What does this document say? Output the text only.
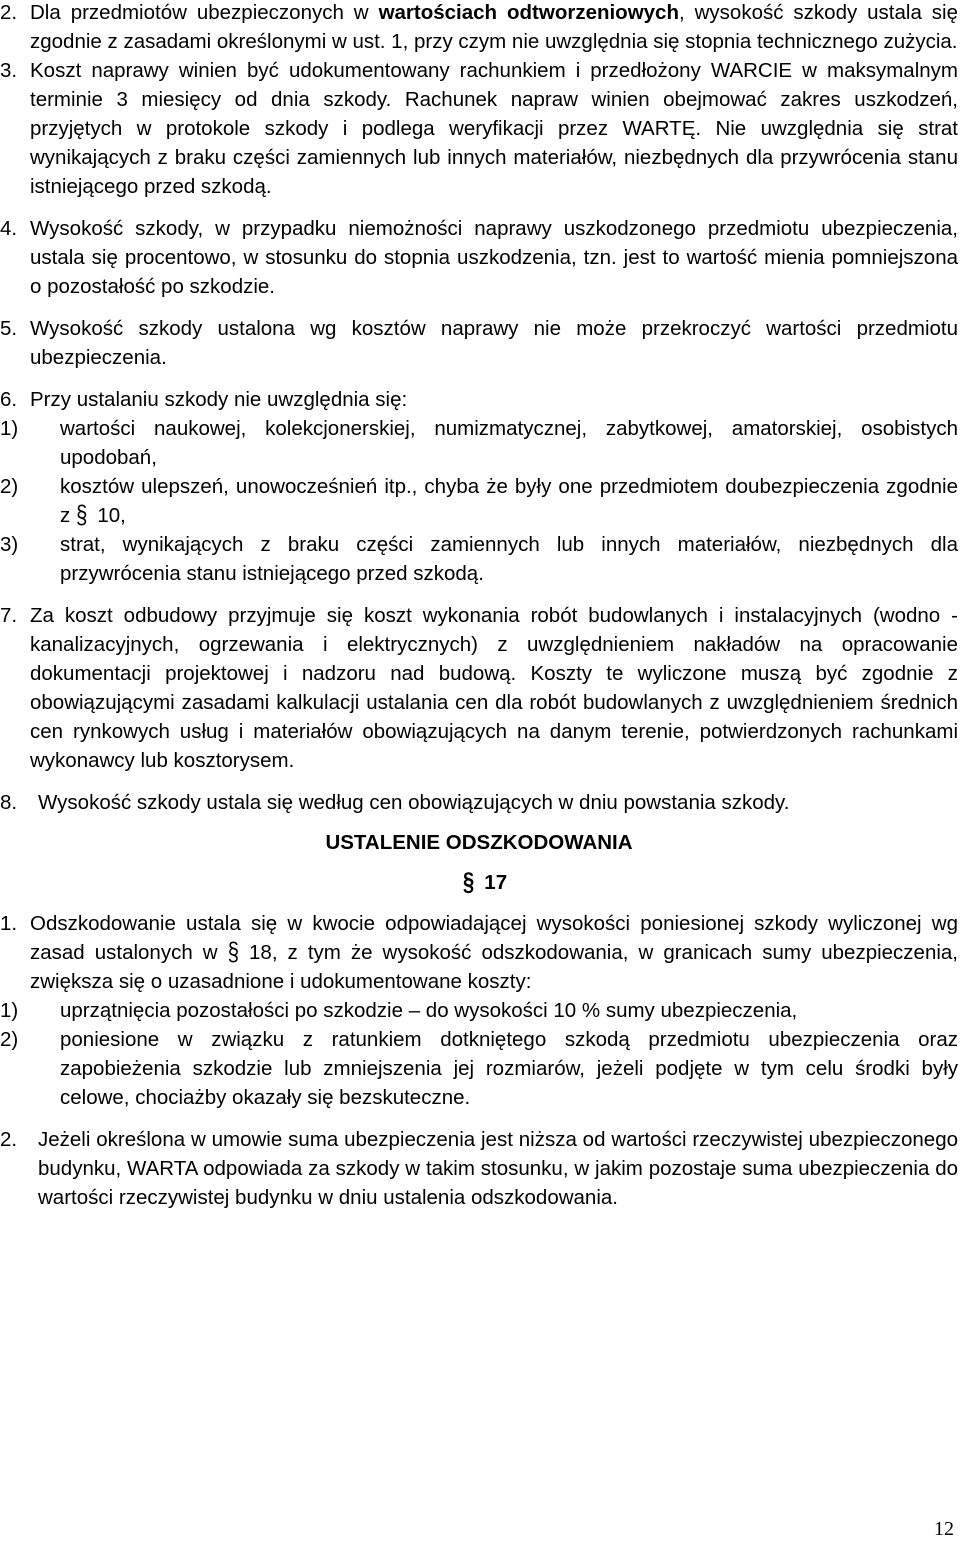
2. Dla przedmiotów ubezpieczonych w wartościach odtworzeniowych, wysokość szkody ustala się zgodnie z zasadami określonymi w ust. 1, przy czym nie uwzględnia się stopnia technicznego zużycia.

3. Koszt naprawy winien być udokumentowany rachunkiem i przedłożony WARCIE w maksymalnym terminie 3 miesięcy od dnia szkody. Rachunek napraw winien obejmować zakres uszkodzeń, przyjętych w protokole szkody i podlega weryfikacji przez WARTĘ. Nie uwzględnia się strat wynikających z braku części zamiennych lub innych materiałów, niezbędnych dla przywrócenia stanu istniejącego przed szkodą.

4. Wysokość szkody, w przypadku niemożności naprawy uszkodzonego przedmiotu ubezpieczenia, ustala się procentowo, w stosunku do stopnia uszkodzenia, tzn. jest to wartość mienia pomniejszona o pozostałość po szkodzie.

5. Wysokość szkody ustalona wg kosztów naprawy nie może przekroczyć wartości przedmiotu ubezpieczenia.

6. Przy ustalaniu szkody nie uwzględnia się:

1)	wartości naukowej, kolekcjonerskiej, numizmatycznej, zabytkowej, amatorskiej, osobistych upodobań,

2)	kosztów ulepszeń, unowocześnień itp., chyba że były one przedmiotem doubezpieczenia zgodnie z § 10,

3)	strat, wynikających z braku części zamiennych lub innych materiałów, niezbędnych dla przywrócenia stanu istniejącego przed szkodą.

7. Za koszt odbudowy przyjmuje się koszt wykonania robót budowlanych i instalacyjnych (wodno - kanalizacyjnych, ogrzewania i elektrycznych) z uwzględnieniem nakładów na opracowanie dokumentacji projektowej i nadzoru nad budową. Koszty te wyliczone muszą być zgodnie z obowiązującymi zasadami kalkulacji ustalania cen dla robót budowlanych z uwzględnieniem średnich cen rynkowych usług i materiałów obowiązujących na danym terenie, potwierdzonych rachunkami wykonawcy lub kosztorysem.

8.	Wysokość szkody ustala się według cen obowiązujących w dniu powstania szkody.

USTALENIE ODSZKODOWANIA

§ 17

1. Odszkodowanie ustala się w kwocie odpowiadającej wysokości poniesionej szkody wyliczonej wg zasad ustalonych w § 18, z tym że wysokość odszkodowania, w granicach sumy ubezpieczenia, zwiększa się o uzasadnione i udokumentowane koszty:

1)	uprzątnięcia pozostałości po szkodzie – do wysokości 10 % sumy ubezpieczenia,

2)	poniesione w związku z ratunkiem dotkniętego szkodą przedmiotu ubezpieczenia oraz zapobieżenia szkodzie lub zmniejszenia jej rozmiarów, jeżeli podjęte w tym celu środki były celowe, chociażby okazały się bezskuteczne.

2.	Jeżeli określona w umowie suma ubezpieczenia jest niższa od wartości rzeczywistej ubezpieczonego budynku, WARTA odpowiada za szkody w takim stosunku, w jakim pozostaje suma ubezpieczenia do wartości rzeczywistej budynku w dniu ustalenia odszkodowania.

12
